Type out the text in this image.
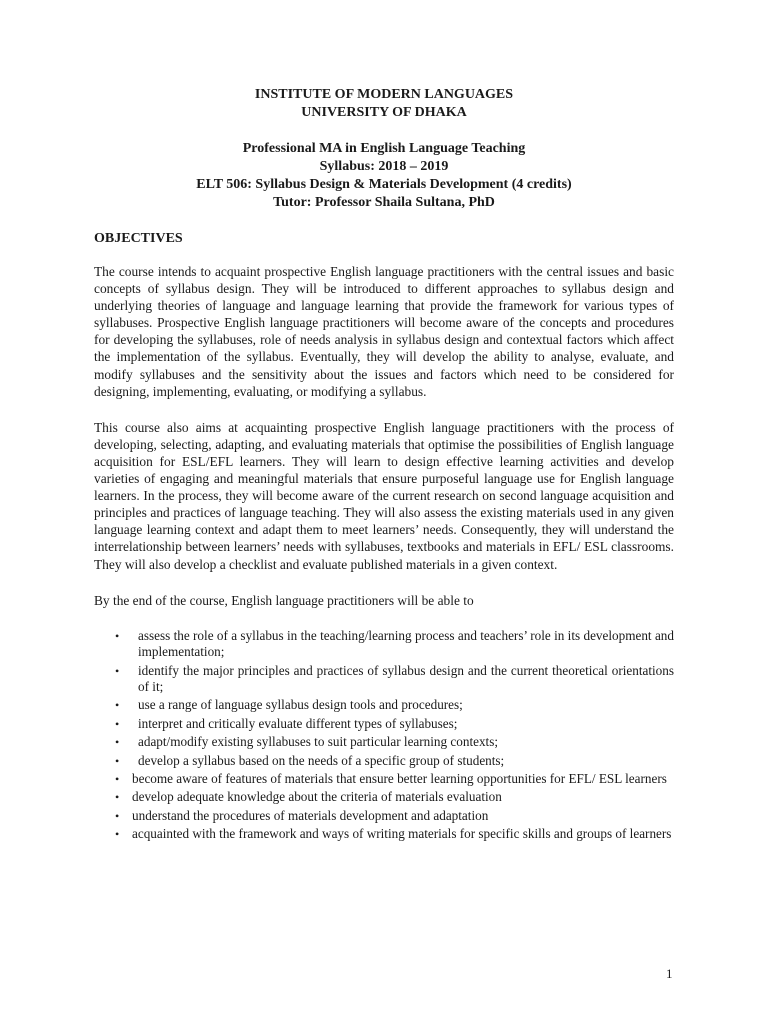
INSTITUTE OF MODERN LANGUAGES
UNIVERSITY OF DHAKA
Professional MA in English Language Teaching
Syllabus: 2018 – 2019
ELT 506: Syllabus Design & Materials Development (4 credits)
Tutor: Professor Shaila Sultana, PhD
OBJECTIVES

The course intends to acquaint prospective English language practitioners with the central issues and basic concepts of syllabus design. They will be introduced to different approaches to syllabus design and underlying theories of language and language learning that provide the framework for various types of syllabuses. Prospective English language practitioners will become aware of the concepts and procedures for developing the syllabuses, role of needs analysis in syllabus design and contextual factors which affect the implementation of the syllabus. Eventually, they will develop the ability to analyse, evaluate, and modify syllabuses and the sensitivity about the issues and factors which need to be considered for designing, implementing, evaluating, or modifying a syllabus.

This course also aims at acquainting prospective English language practitioners with the process of developing, selecting, adapting, and evaluating materials that optimise the possibilities of English language acquisition for ESL/EFL learners. They will learn to design effective learning activities and develop varieties of engaging and meaningful materials that ensure purposeful language use for English language learners. In the process, they will become aware of the current research on second language acquisition and principles and practices of language teaching. They will also assess the existing materials used in any given language learning context and adapt them to meet learners’ needs. Consequently, they will understand the interrelationship between learners’ needs with syllabuses, textbooks and materials in EFL/ ESL classrooms. They will also develop a checklist and evaluate published materials in a given context.

By the end of the course, English language practitioners will be able to

• assess the role of a syllabus in the teaching/learning process and teachers’ role in its development and implementation;
• identify the major principles and practices of syllabus design and the current theoretical orientations of it;
• use a range of language syllabus design tools and procedures;
• interpret and critically evaluate different types of syllabuses;
• adapt/modify existing syllabuses to suit particular learning contexts;
• develop a syllabus based on the needs of a specific group of students;
• become aware of features of materials that ensure better learning opportunities for EFL/ ESL learners
• develop adequate knowledge about the criteria of materials evaluation
• understand the procedures of materials development and adaptation
• acquainted with the framework and ways of writing materials for specific skills and groups of learners
1
